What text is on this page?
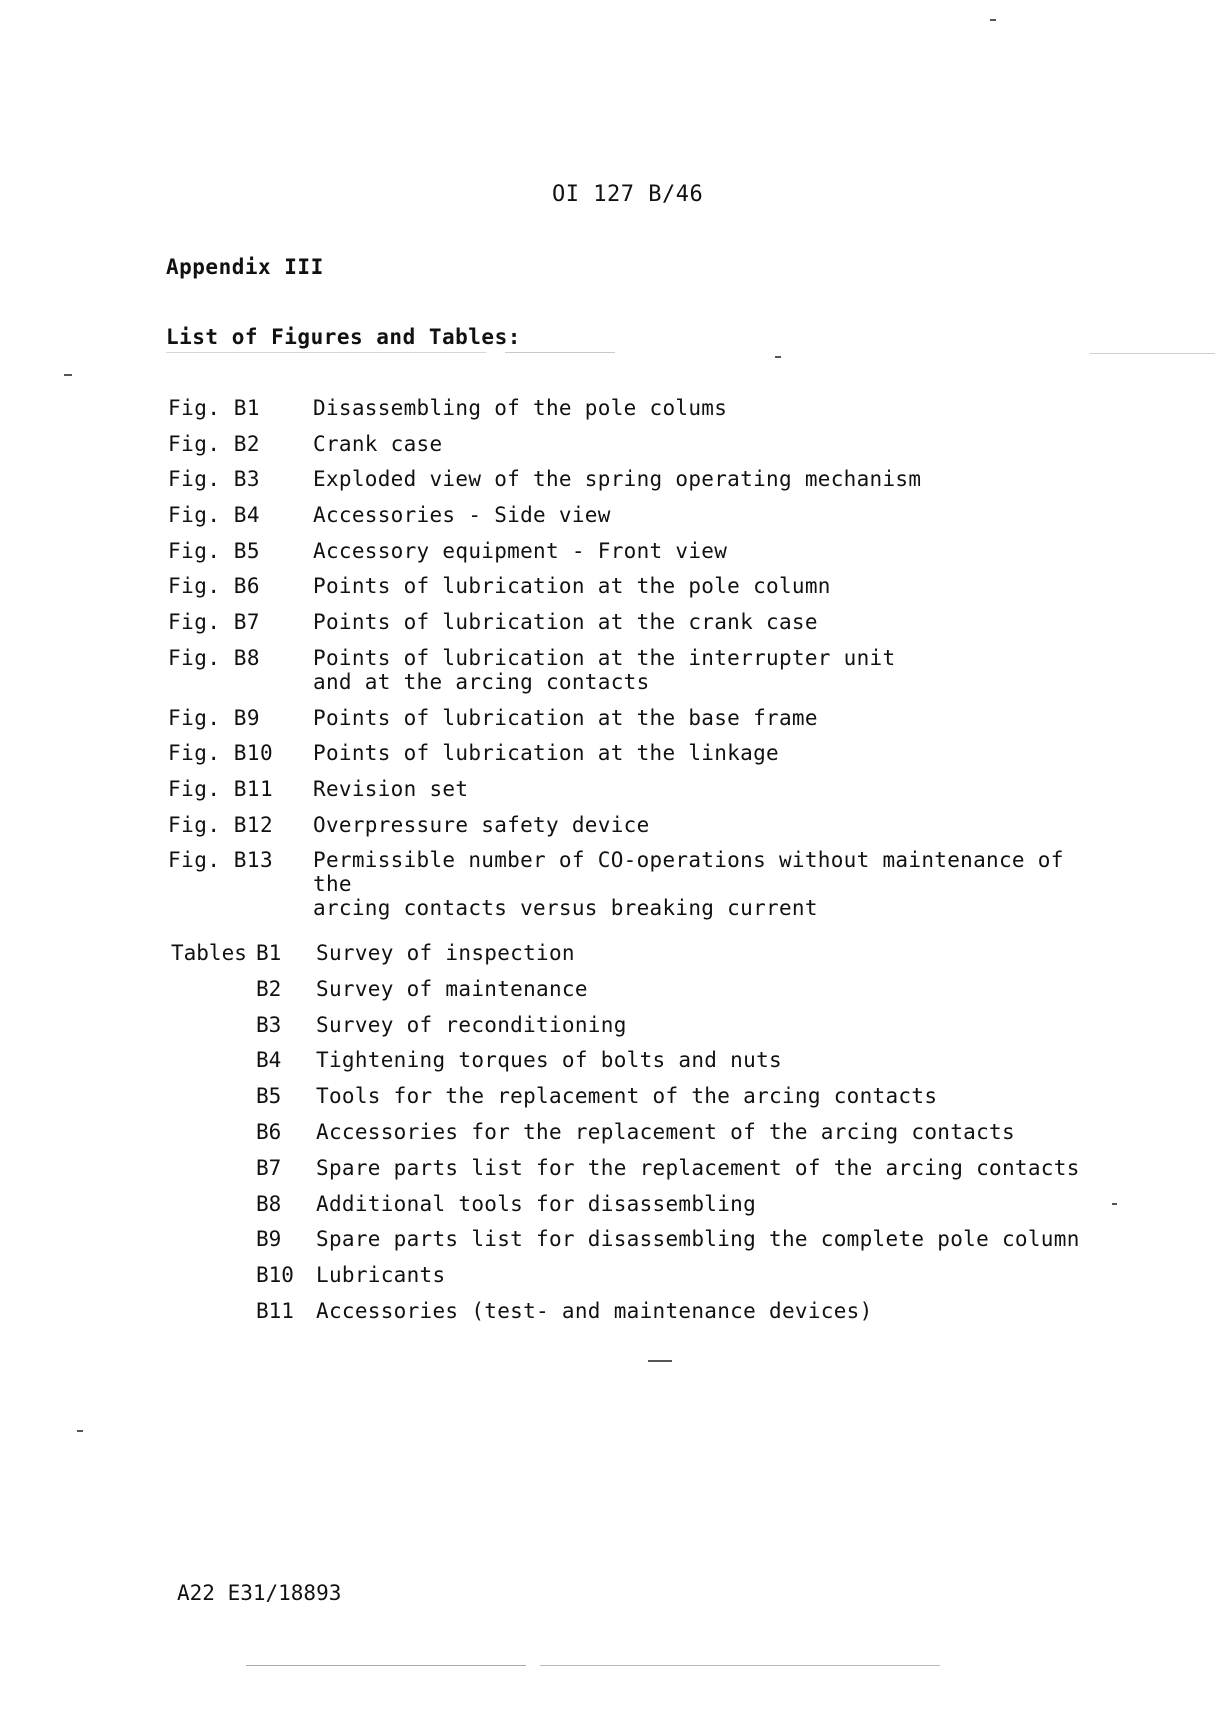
OI 127 B/46
Appendix III
List of Figures and Tables:
Fig. B1	Disassembling of the pole colums
Fig. B2	Crank case
Fig. B3	Exploded view of the spring operating mechanism
Fig. B4	Accessories - Side view
Fig. B5	Accessory equipment - Front view
Fig. B6	Points of lubrication at the pole column
Fig. B7	Points of lubrication at the crank case
Fig. B8	Points of lubrication at the interrupter unit
and at the arcing contacts
Fig. B9	Points of lubrication at the base frame
Fig. B10	Points of lubrication at the linkage
Fig. B11	Revision set
Fig. B12	Overpressure safety device
Fig. B13	Permissible number of CO-operations without maintenance of the
arcing contacts versus breaking current
Tables B1	Survey of inspection
B2	Survey of maintenance
B3	Survey of reconditioning
B4	Tightening torques of bolts and nuts
B5	Tools for the replacement of the arcing contacts
B6	Accessories for the replacement of the arcing contacts
B7	Spare parts list for the replacement of the arcing contacts
B8	Additional tools for disassembling
B9	Spare parts list for disassembling the complete pole column
B10	Lubricants
B11	Accessories (test- and maintenance devices)
A22 E31/18893
